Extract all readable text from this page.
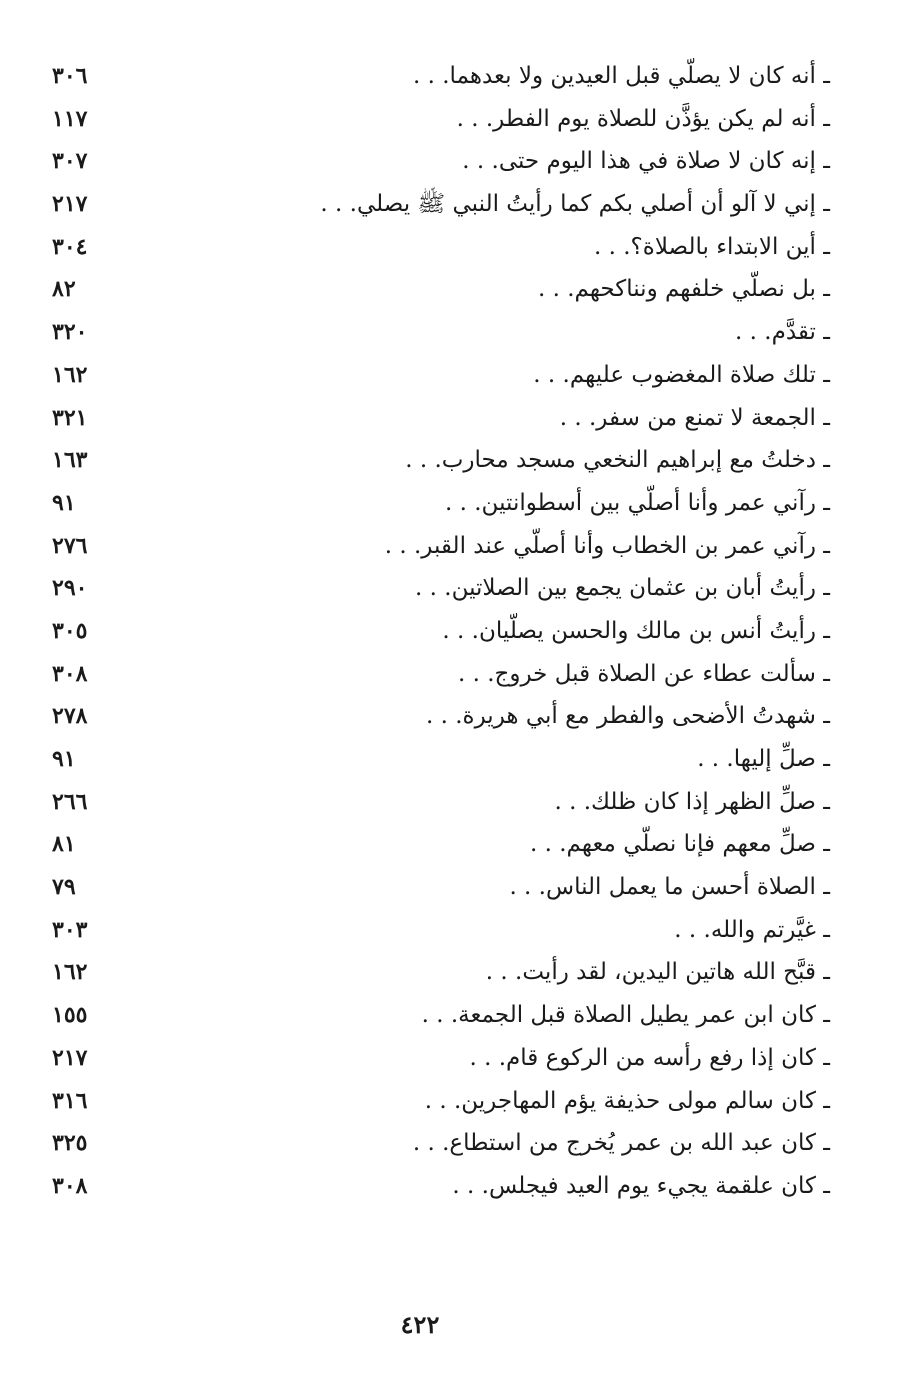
ـ أنه كان لا يصلّي قبل العيدين ولا بعدهما. . .
٣٠٦
ـ أنه لم يكن يؤذَّن للصلاة يوم الفطر. . .
١١٧
ـ إنه كان لا صلاة في هذا اليوم حتى. . .
٣٠٧
ـ إني لا آلو أن أصلي بكم كما رأيتُ النبي ﷺ يصلي. . .
٢١٧
ـ أين الابتداء بالصلاة؟. . .
٣٠٤
ـ بل نصلّي خلفهم ونناكحهم. . .
٨٢
ـ تقدَّم. . .
٣٢٠
ـ تلك صلاة المغضوب عليهم. . .
١٦٢
ـ الجمعة لا تمنع من سفر. . .
٣٢١
ـ دخلتُ مع إبراهيم النخعي مسجد محارب. . .
١٦٣
ـ رآني عمر وأنا أصلّي بين أسطوانتين. . .
٩١
ـ رآني عمر بن الخطاب وأنا أصلّي عند القبر. . .
٢٧٦
ـ رأيتُ أبان بن عثمان يجمع بين الصلاتين. . .
٢٩٠
ـ رأيتُ أنس بن مالك والحسن يصلّيان. . .
٣٠٥
ـ سألت عطاء عن الصلاة قبل خروج. . .
٣٠٨
ـ شهدتُ الأضحى والفطر مع أبي هريرة. . .
٢٧٨
ـ صلِّ إليها. . .
٩١
ـ صلِّ الظهر إذا كان ظلك. . .
٢٦٦
ـ صلِّ معهم فإنا نصلّي معهم. . .
٨١
ـ الصلاة أحسن ما يعمل الناس. . .
٧٩
ـ غيَّرتم والله. . .
٣٠٣
ـ قبَّح الله هاتين اليدين، لقد رأيت. . .
١٦٢
ـ كان ابن عمر يطيل الصلاة قبل الجمعة. . .
١٥٥
ـ كان إذا رفع رأسه من الركوع قام. . .
٢١٧
ـ كان سالم مولى حذيفة يؤم المهاجرين. . .
٣١٦
ـ كان عبد الله بن عمر يُخرج من استطاع. . .
٣٢٥
ـ كان علقمة يجيء يوم العيد فيجلس. . .
٣٠٨
٤٢٢
